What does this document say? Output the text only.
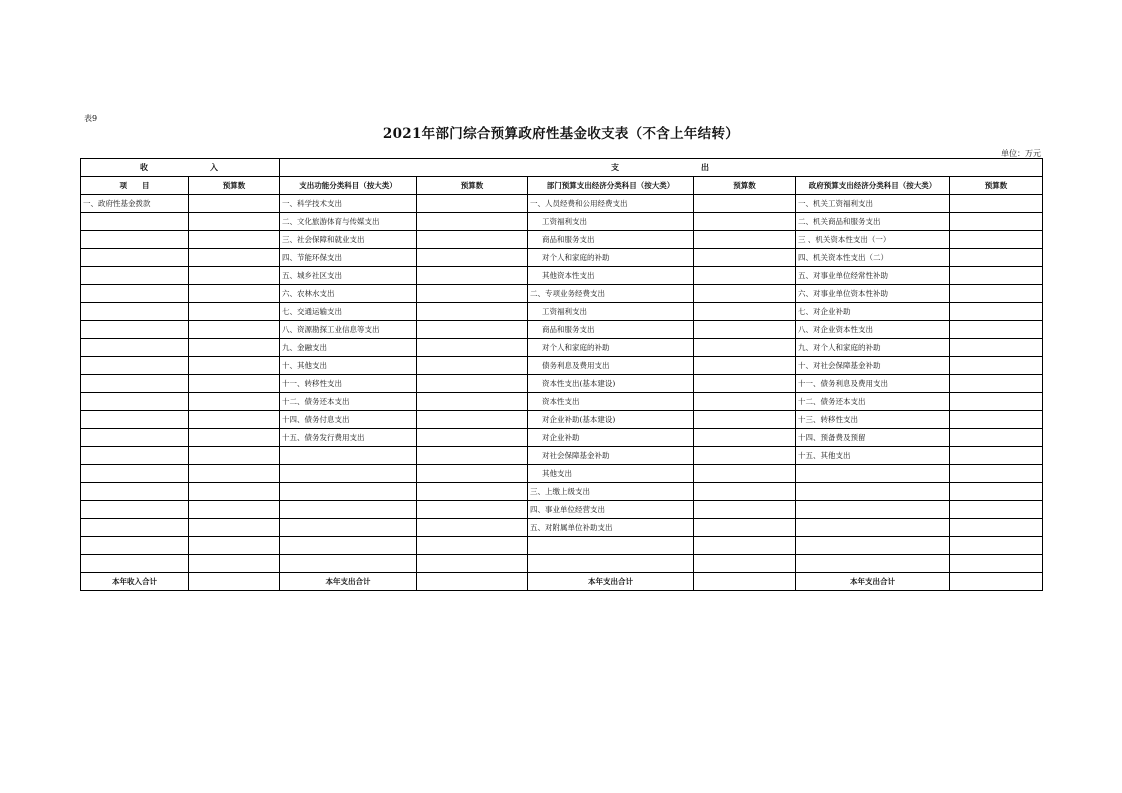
表9
2021年部门综合预算政府性基金收支表（不含上年结转）
单位：万元
收　　　　　　入		支　　　　　　　　出					
项　　目	预算数	支出功能分类科目（按大类）	预算数	部门预算支出经济分类科目（按大类）	预算数	政府预算支出经济分类科目（按大类）	预算数
一、政府性基金拨款		一、科学技术支出		一、人员经费和公用经费支出		一、机关工资福利支出	
		二、文化旅游体育与传媒支出		工资福利支出		二、机关商品和服务支出	
		三、社会保障和就业支出		商品和服务支出		三 、机关资本性支出（一）	
		四、节能环保支出		对个人和家庭的补助		四、机关资本性支出（二）	
		五、城乡社区支出		其他资本性支出		五、对事业单位经常性补助	
		六、农林水支出		二、专项业务经费支出		六、对事业单位资本性补助	
		七、交通运输支出		工资福利支出		七、对企业补助	
		八、资源勘探工业信息等支出		商品和服务支出		八、对企业资本性支出	
		九、金融支出		对个人和家庭的补助		九、对个人和家庭的补助	
		十、其他支出		债务利息及费用支出		十、对社会保障基金补助	
		十一、转移性支出		资本性支出(基本建设)		十一、债务利息及费用支出	
		十二、债务还本支出		资本性支出		十二、债务还本支出	
		十四、债务付息支出		对企业补助(基本建设)		十三、转移性支出	
		十五、债务发行费用支出		对企业补助		十四、预备费及预留	
				对社会保障基金补助		十五、其他支出	
				其他支出			
				三、上缴上级支出			
				四、事业单位经营支出			
				五、对附属单位补助支出			

本年收入合计		本年支出合计		本年支出合计		本年支出合计	
